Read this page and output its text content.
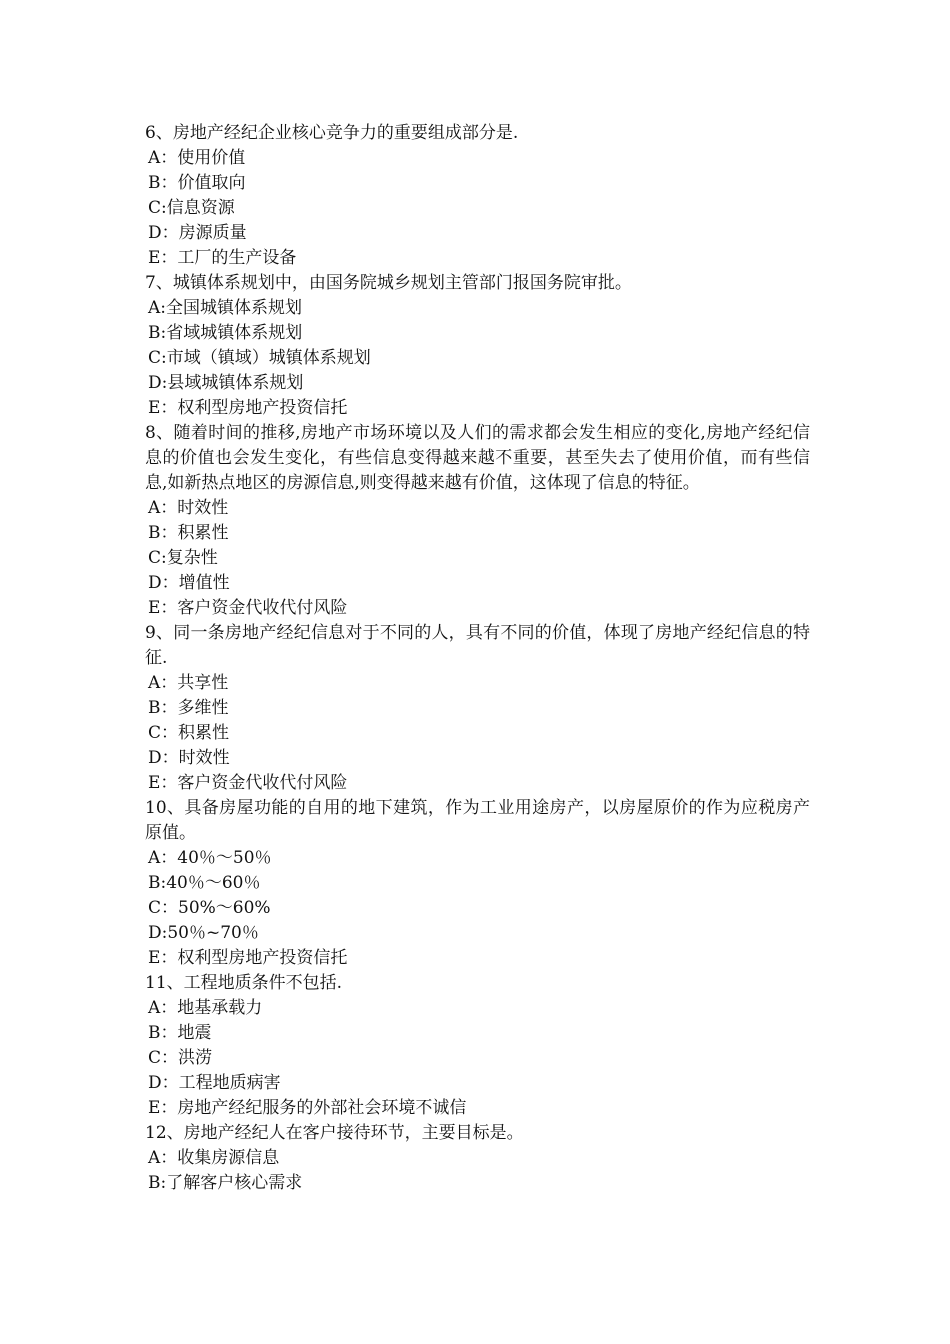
6、房地产经纪企业核心竞争力的重要组成部分是.

A：使用价值

B：价值取向

C:信息资源

D：房源质量

E：工厂的生产设备

7、城镇体系规划中，由国务院城乡规划主管部门报国务院审批。

A:全国城镇体系规划

B:省域城镇体系规划

C:市域（镇域）城镇体系规划

D:县域城镇体系规划

E：权利型房地产投资信托

8、随着时间的推移,房地产市场环境以及人们的需求都会发生相应的变化,房地产经纪信息的价值也会发生变化，有些信息变得越来越不重要，甚至失去了使用价值，而有些信息,如新热点地区的房源信息,则变得越来越有价值，这体现了信息的特征。

A：时效性

B：积累性

C:复杂性

D：增值性

E：客户资金代收代付风险

9、同一条房地产经纪信息对于不同的人，具有不同的价值，体现了房地产经纪信息的特征.

A：共享性

B：多维性

C：积累性

D：时效性

E：客户资金代收代付风险

10、具备房屋功能的自用的地下建筑，作为工业用途房产，以房屋原价的作为应税房产原值。

A：40％～50％

B:40％～60％

C：50%～60%

D:50％~70％

E：权利型房地产投资信托

11、工程地质条件不包括.

A：地基承载力

B：地震

C：洪涝

D：工程地质病害

E：房地产经纪服务的外部社会环境不诚信

12、房地产经纪人在客户接待环节，主要目标是。

A：收集房源信息

B:了解客户核心需求
